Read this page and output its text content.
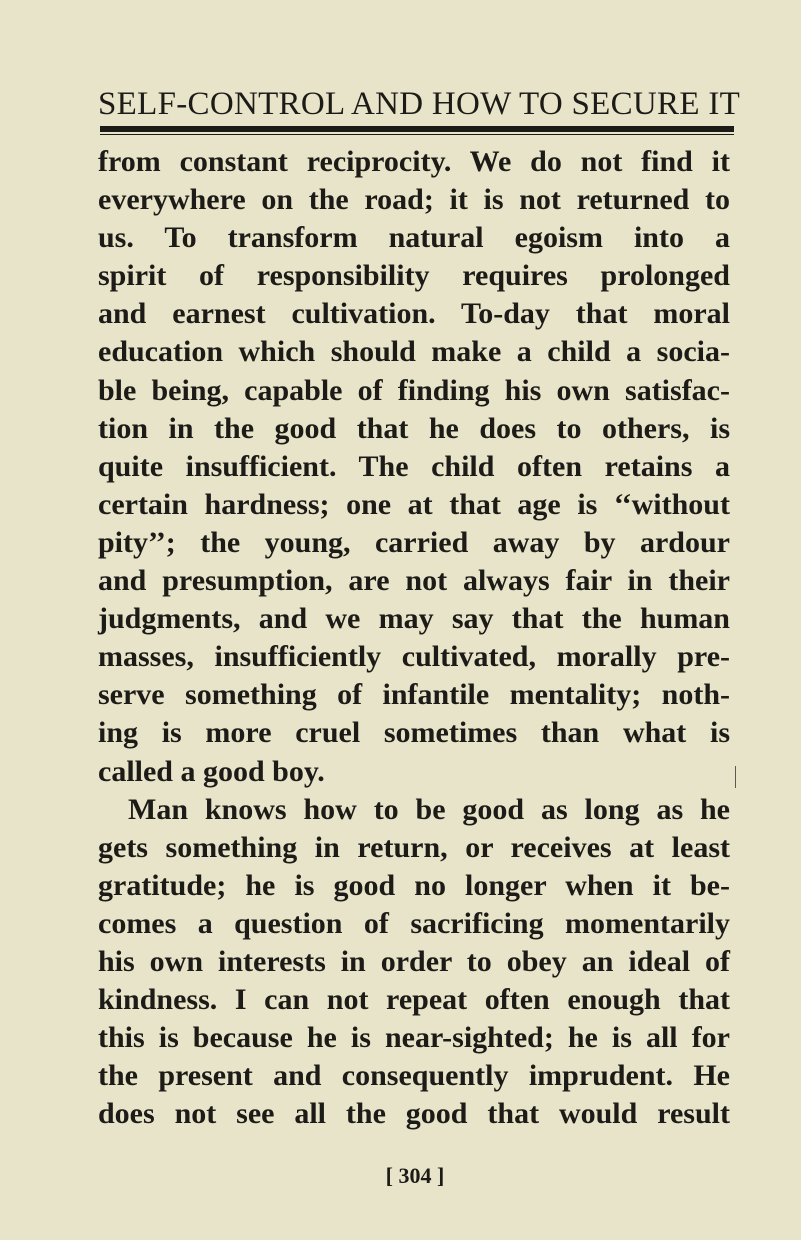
SELF-CONTROL AND HOW TO SECURE IT
from constant reciprocity. We do not find it
everywhere on the road; it is not returned to
us. To transform natural egoism into a
spirit of responsibility requires prolonged
and earnest cultivation. To-day that moral
education which should make a child a socia-
ble being, capable of finding his own satisfac-
tion in the good that he does to others, is
quite insufficient. The child often retains a
certain hardness; one at that age is ‘‘without
pity’’; the young, carried away by ardour
and presumption, are not always fair in their
judgments, and we may say that the human
masses, insufficiently cultivated, morally pre-
serve something of infantile mentality; noth-
ing is more cruel sometimes than what is
called a good boy.
Man knows how to be good as long as he
gets something in return, or receives at least
gratitude; he is good no longer when it be-
comes a question of sacrificing momentarily
his own interests in order to obey an ideal of
kindness. I can not repeat often enough that
this is because he is near-sighted; he is all for
the present and consequently imprudent. He
does not see all the good that would result
[ 304 ]
